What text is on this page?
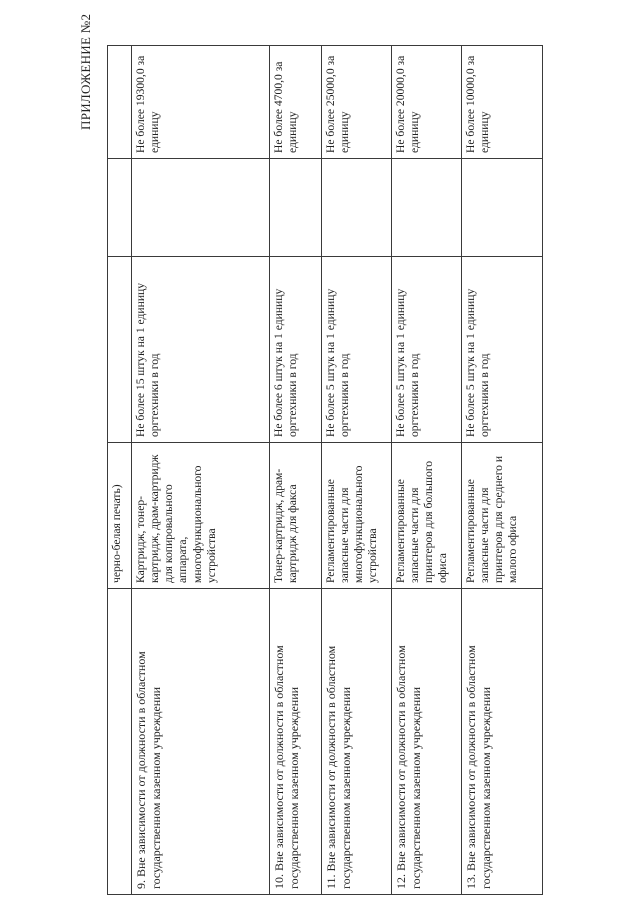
ПРИЛОЖЕНИЕ №2
	черно-белая печать)			
9. Вне зависимости от должности в областном государственном казенном учреждении	Картридж, тонер-картридж, драм-картридж для копировального аппарата, многофункционального устройства	Не более 15 штук на 1 единицу оргтехники в год		Не более 19300,0 за единицу
10. Вне зависимости от должности в областном государственном казенном учреждении	Тонер-картридж, драм-картридж для факса	Не более 6 штук на 1 единицу оргтехники в год		Не более 4700,0 за единицу
11. Вне зависимости от должности в областном государственном казенном учреждении	Регламентированные запасные части для многофункционального устройства	Не более 5 штук на 1 единицу оргтехники в год		Не более 25000,0 за единицу
12. Вне зависимости от должности в областном государственном казенном учреждении	Регламентированные запасные части для принтеров для большого офиса	Не более 5 штук на 1 единицу оргтехники в год		Не более 20000,0 за единицу
13. Вне зависимости от должности в областном государственном казенном учреждении	Регламентированные запасные части для принтеров для среднего и малого офиса	Не более 5 штук на 1 единицу оргтехники в год		Не более 10000,0 за единицу
